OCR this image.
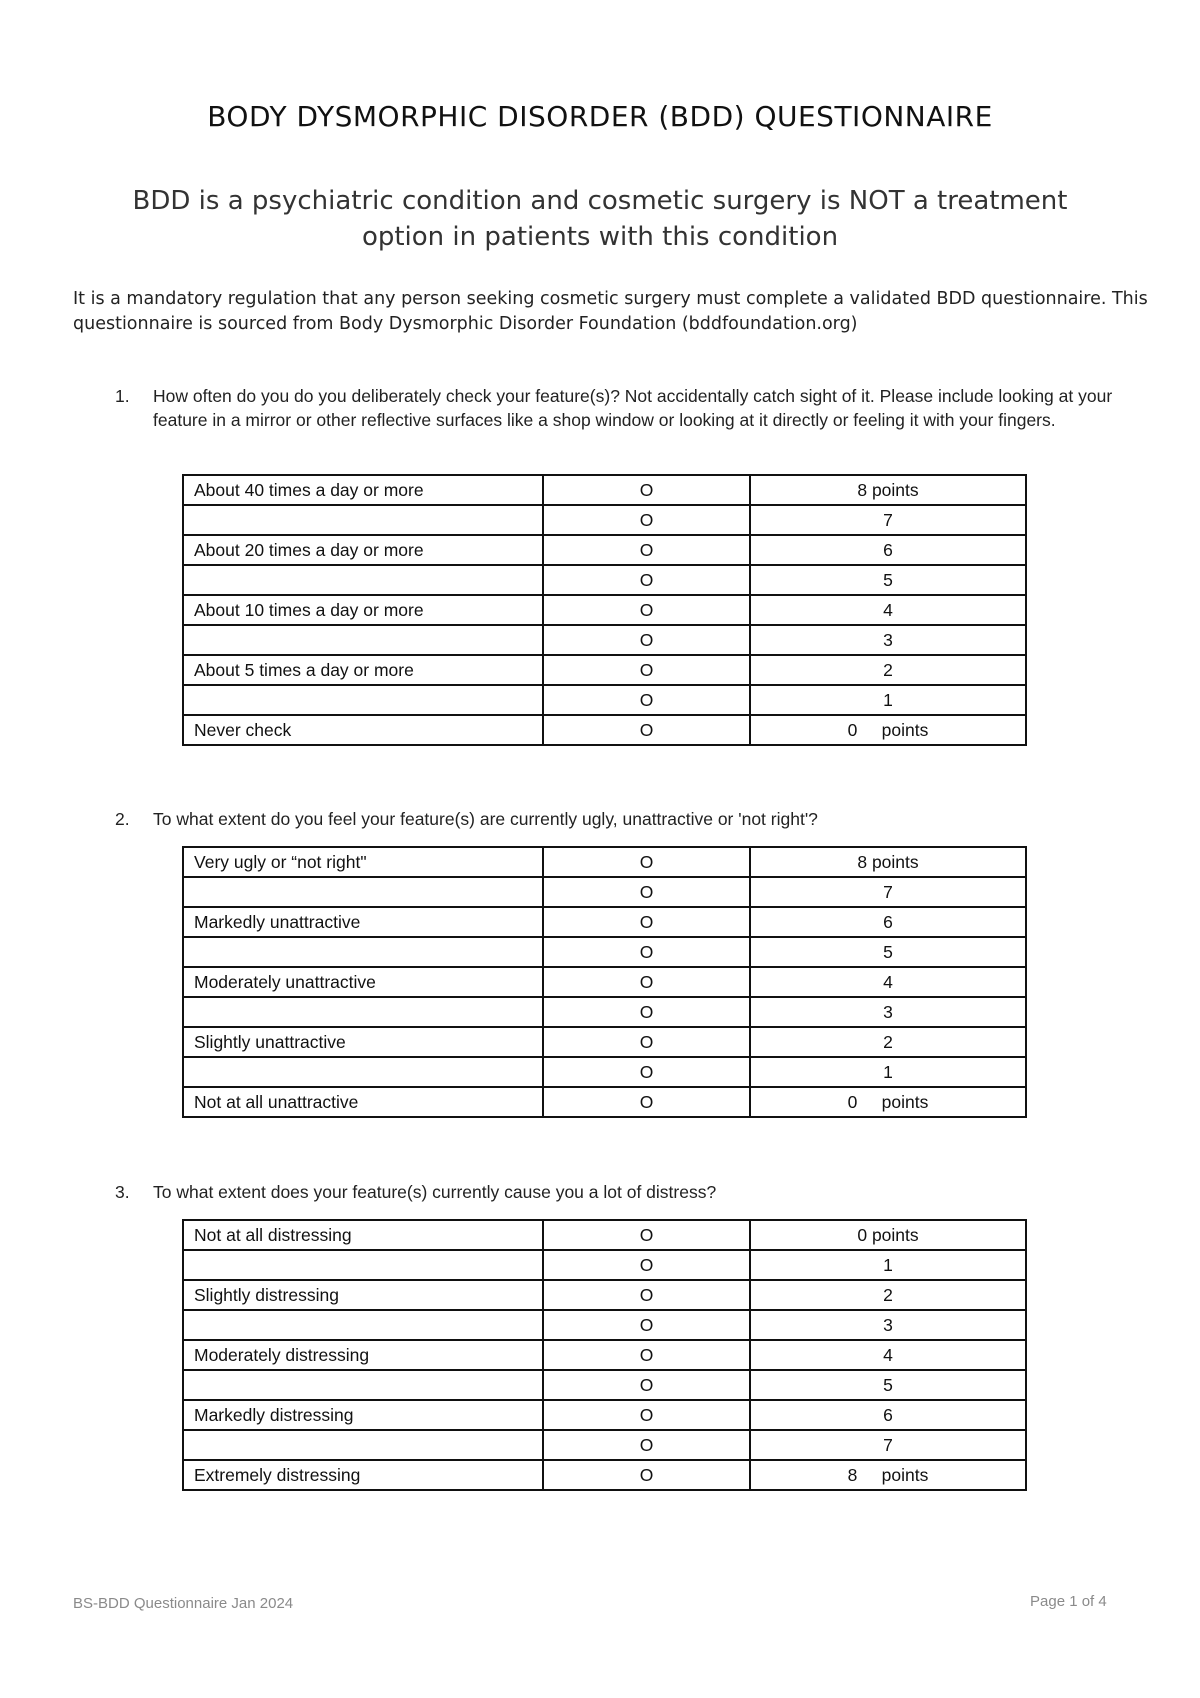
BODY DYSMORPHIC DISORDER (BDD) QUESTIONNAIRE
BDD is a psychiatric condition and cosmetic surgery is NOT a treatment option in patients with this condition
It is a mandatory regulation that any person seeking cosmetic surgery must complete a validated BDD questionnaire. This questionnaire is sourced from Body Dysmorphic Disorder Foundation (bddfoundation.org)
1.	How often do you do you deliberately check your feature(s)? Not accidentally catch sight of it. Please include looking at your feature in a mirror or other reflective surfaces like a shop window or looking at it directly or feeling it with your fingers.
About 40 times a day or more	O	8 points
	O	7
About 20 times a day or more	O	6
	O	5
About 10 times a day or more	O	4
	O	3
About 5 times a day or more	O	2
	O	1
Never check	O	0     points
2.	To what extent do you feel your feature(s) are currently ugly, unattractive or 'not right'?
Very ugly or “not right"	O	8 points
	O	7
Markedly unattractive	O	6
	O	5
Moderately unattractive	O	4
	O	3
Slightly unattractive	O	2
	O	1
Not at all unattractive	O	0     points
3.	To what extent does your feature(s) currently cause you a lot of distress?
Not at all distressing	O	0 points
	O	1
Slightly distressing	O	2
	O	3
Moderately distressing	O	4
	O	5
Markedly distressing	O	6
	O	7
Extremely distressing	O	8     points
BS-BDD Questionnaire Jan 2024	Page 1 of 4
